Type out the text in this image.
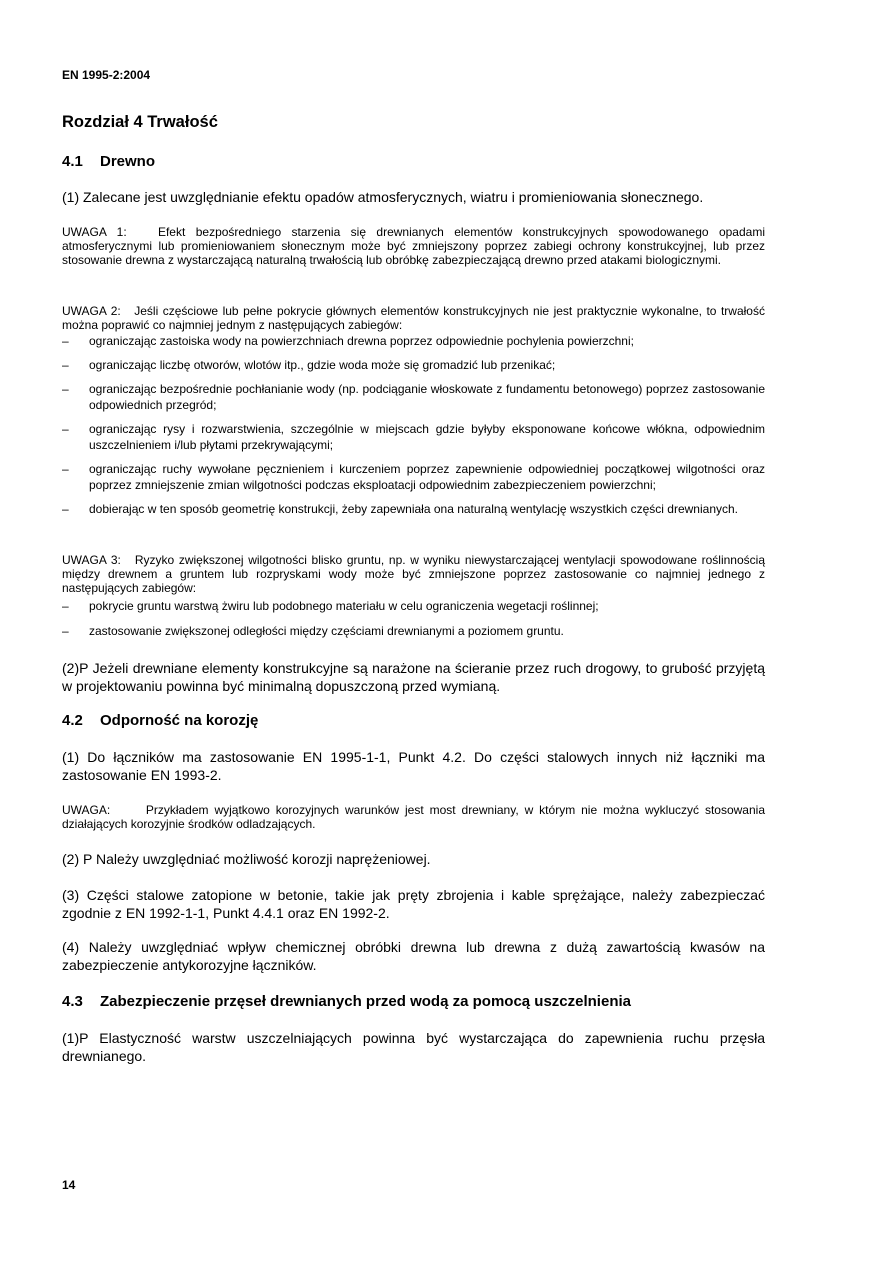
EN 1995-2:2004
Rozdział 4 Trwałość
4.1 Drewno

(1) Zalecane jest uwzględnianie efektu opadów atmosferycznych, wiatru i promieniowania słonecznego.

UWAGA 1:	Efekt bezpośredniego starzenia się drewnianych elementów konstrukcyjnych spowodowanego opadami atmosferycznymi lub promieniowaniem słonecznym może być zmniejszony poprzez zabiegi ochrony konstrukcyjnej, lub przez stosowanie drewna z wystarczającą naturalną trwałością lub obróbkę zabezpieczającą drewno przed atakami biologicznymi.

UWAGA 2: Jeśli częściowe lub pełne pokrycie głównych elementów konstrukcyjnych nie jest praktycznie wykonalne, to trwałość można poprawić co najmniej jednym z następujących zabiegów:

– ograniczając zastoiska wody na powierzchniach drewna poprzez odpowiednie pochylenia powierzchni;
– ograniczając liczbę otworów, wlotów itp., gdzie woda może się gromadzić lub przenikać;
– ograniczając bezpośrednie pochłanianie wody (np. podciąganie włoskowate z fundamentu betonowego) poprzez zastosowanie odpowiednich przegród;
– ograniczając rysy i rozwarstwienia, szczególnie w miejscach gdzie byłyby eksponowane końcowe włókna, odpowiednim uszczelnieniem i/lub płytami przekrywającymi;
– ograniczając ruchy wywołane pęcznieniem i kurczeniem poprzez zapewnienie odpowiedniej początkowej wilgotności oraz poprzez zmniejszenie zmian wilgotności podczas eksploatacji odpowiednim zabezpieczeniem powierzchni;
– dobierając w ten sposób geometrię konstrukcji, żeby zapewniała ona naturalną wentylację wszystkich części drewnianych.

UWAGA 3: Ryzyko zwiększonej wilgotności blisko gruntu, np. w wyniku niewystarczającej wentylacji spowodowane roślinnością między drewnem a gruntem lub rozpryskami wody może być zmniejszone poprzez zastosowanie co najmniej jednego z następujących zabiegów:

– pokrycie gruntu warstwą żwiru lub podobnego materiału w celu ograniczenia wegetacji roślinnej;
– zastosowanie zwiększonej odległości między częściami drewnianymi a poziomem gruntu.

(2)P Jeżeli drewniane elementy konstrukcyjne są narażone na ścieranie przez ruch drogowy, to grubość przyjętą w projektowaniu powinna być minimalną dopuszczoną przed wymianą.

4.2 Odporność na korozję

(1) Do łączników ma zastosowanie EN 1995-1-1, Punkt 4.2. Do części stalowych innych niż łączniki ma zastosowanie EN 1993-2.

UWAGA:	Przykładem wyjątkowo korozyjnych warunków jest most drewniany, w którym nie można wykluczyć stosowania działających korozyjnie środków odladzających.

(2) P Należy uwzględniać możliwość korozji naprężeniowej.

(3) Części stalowe zatopione w betonie, takie jak pręty zbrojenia i kable sprężające, należy zabezpieczać zgodnie z EN 1992-1-1, Punkt 4.4.1 oraz EN 1992-2.

(4) Należy uwzględniać wpływ chemicznej obróbki drewna lub drewna z dużą zawartością kwasów na zabezpieczenie antykorozyjne łączników.

4.3 Zabezpieczenie przęseł drewnianych przed wodą za pomocą uszczelnienia

(1)P Elastyczność warstw uszczelniających powinna być wystarczająca do zapewnienia ruchu przęsła drewnianego.

14
